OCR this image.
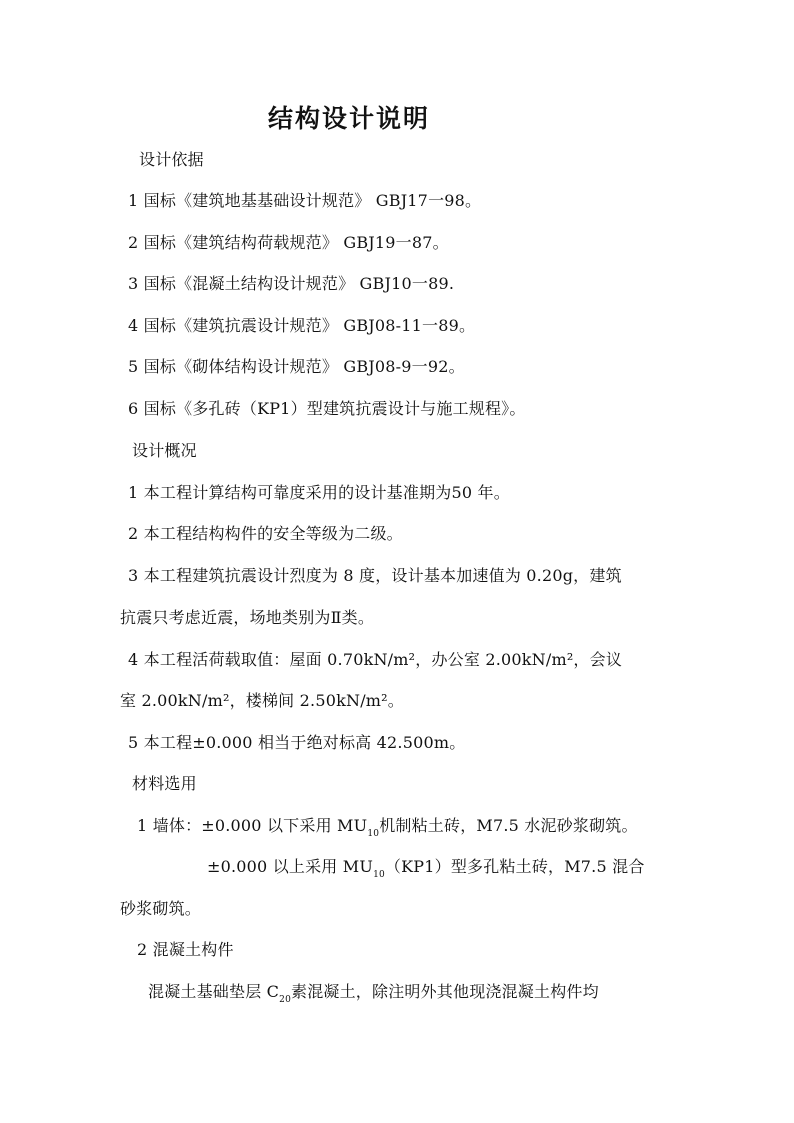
结构设计说明
设计依据
1 国标《建筑地基基础设计规范》 GBJ17一98。
2 国标《建筑结构荷载规范》 GBJ19一87。
3 国标《混凝土结构设计规范》 GBJ10一89.
4 国标《建筑抗震设计规范》 GBJ08-11一89。
5 国标《砌体结构设计规范》 GBJ08-9一92。
6 国标《多孔砖（KP1）型建筑抗震设计与施工规程》。
设计概况
1 本工程计算结构可靠度采用的设计基准期为50 年。
2 本工程结构构件的安全等级为二级。
3 本工程建筑抗震设计烈度为 8 度，设计基本加速值为 0.20g，建筑
抗震只考虑近震，场地类别为Ⅱ类。
4 本工程活荷载取值：屋面 0.70kN/m²，办公室 2.00kN/m²，会议
室 2.00kN/m²，楼梯间 2.50kN/m²。
5 本工程±0.000 相当于绝对标高 42.500m。
材料选用
1 墙体：±0.000 以下采用 $MU_{10}$机制粘土砖，M7.5 水泥砂浆砌筑。
±0.000 以上采用 $MU_{10}(KP1)$型多孔粘土砖，M7.5 混合
砂浆砌筑。
2 混凝土构件
混凝土基础垫层 $C_{20}$素混凝土，除注明外其他现浇混凝土构件均
